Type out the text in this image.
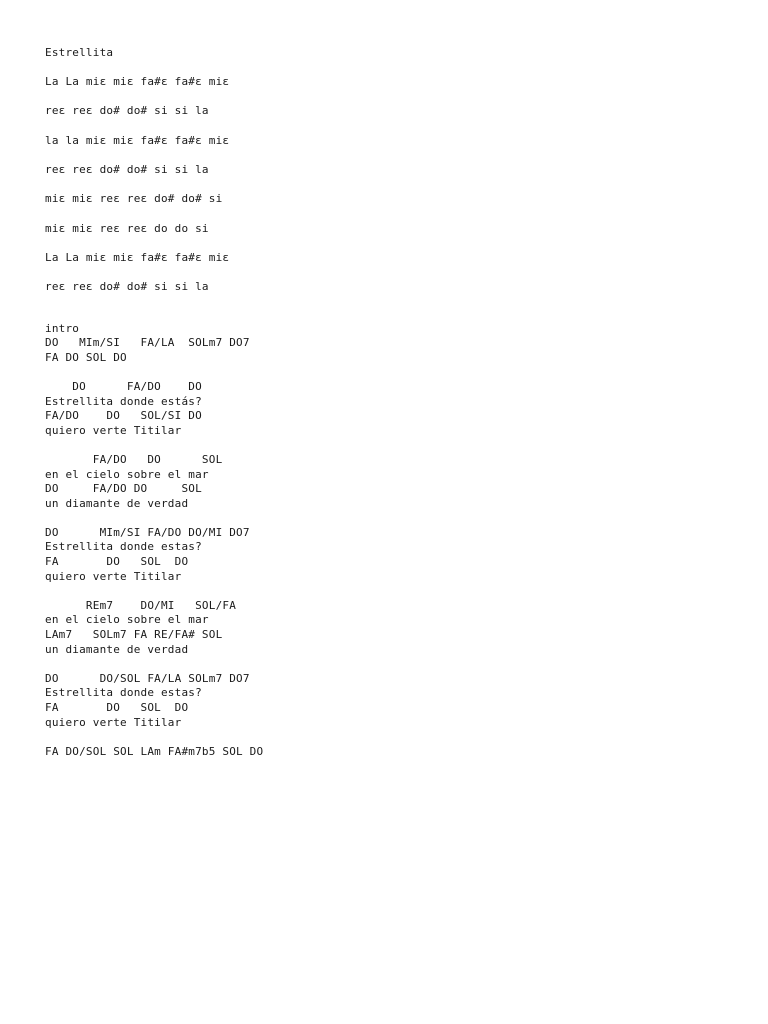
Estrellita
La La miε miε fa#ε fa#ε miε
reε reε do# do# si si la
la la miε miε fa#ε fa#ε miε
reε reε do# do# si si la
miε miε reε reε do# do# si
miε miε reε reε do do si
La La miε miε fa#ε fa#ε miε
reε reε do# do# si si la
intro
DO   MIm/SI   FA/LA  SOLm7 DO7
FA DO SOL DO
DO      FA/DO    DO
Estrellita donde estás?
FA/DO    DO   SOL/SI DO
quiero verte Titilar
FA/DO   DO      SOL
en el cielo sobre el mar
DO     FA/DO DO     SOL
un diamante de verdad
DO      MIm/SI FA/DO DO/MI DO7
Estrellita donde estas?
FA       DO   SOL  DO
quiero verte Titilar
REm7    DO/MI   SOL/FA
en el cielo sobre el mar
LAm7   SOLm7 FA RE/FA# SOL
un diamante de verdad
DO      DO/SOL FA/LA SOLm7 DO7
Estrellita donde estas?
FA       DO   SOL  DO
quiero verte Titilar
FA DO/SOL SOL LAm FA#m7b5 SOL DO
